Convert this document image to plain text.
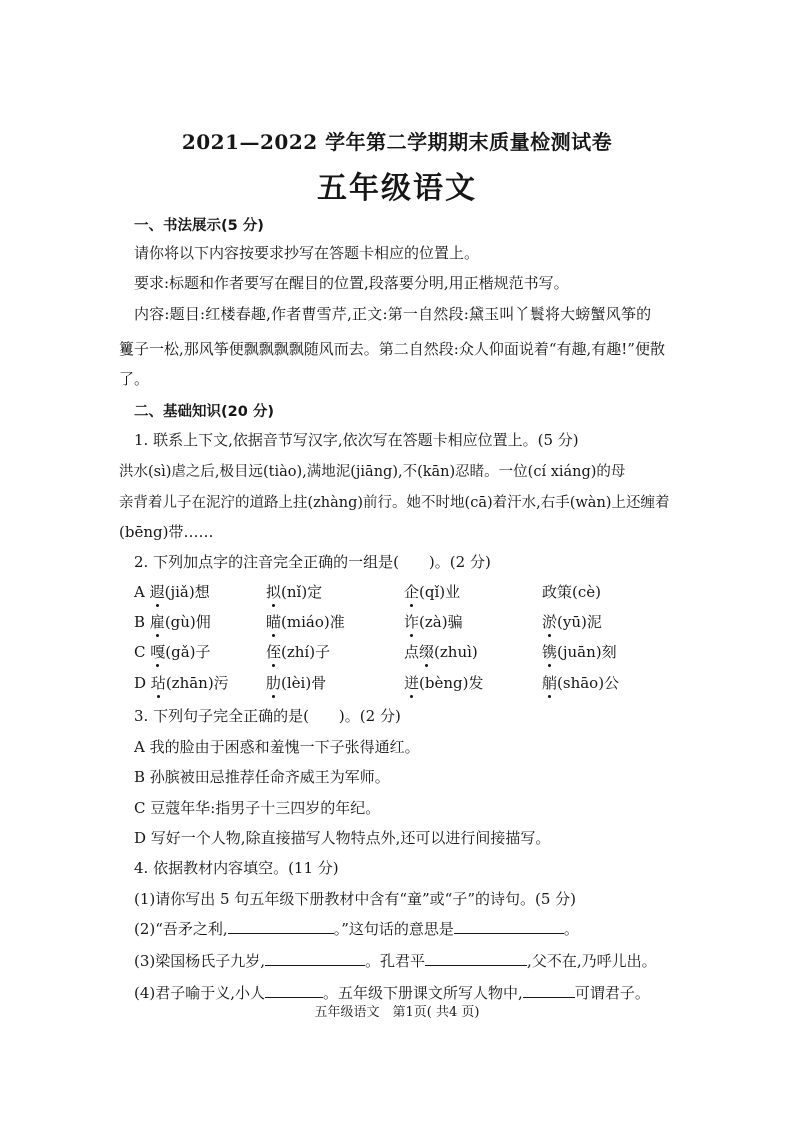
2021—2022 学年第二学期期末质量检测试卷
五年级语文
一、书法展示(5 分)
请你将以下内容按要求抄写在答题卡相应的位置上。
要求:标题和作者要写在醒目的位置,段落要分明,用正楷规范书写。
内容:题目:红楼春趣,作者曹雪芹,正文:第一自然段:黛玉叫丫鬟将大螃蟹风筝的
籰子一松,那风筝便飘飘飘飘随风而去。第二自然段:众人仰面说着“有趣,有趣!”便散
了。
二、基础知识(20 分)
1. 联系上下文,依据音节写汉字,依次写在答题卡相应位置上。(5 分)
洪水(sì)虐之后,极目远(tiào),满地泥(jiāng),不(kān)忍睹。一位(cí xiáng)的母
亲背着儿子在泥泞的道路上拄(zhàng)前行。她不时地(cā)着汗水,右手(wàn)上还缠着
(bēng)带……
2. 下列加点字的注音完全正确的一组是(　　)。(2 分)
A 遐(jiǎ)想	拟(nǐ)定	企(qǐ)业	政策(cè)
B 雇(gù)佣	瞄(miáo)准	诈(zà)骗	淤(yū)泥
C 嘎(gǎ)子	侄(zhí)子	点缀(zhuì)	镌(juān)刻
D 玷(zhān)污 肋(lèi)骨	迸(bèng)发	艄(shāo)公
3. 下列句子完全正确的是(　　)。(2 分)
A 我的脸由于困惑和羞愧一下子张得通红。
B 孙膑被田忌推荐任命齐威王为军师。
C 豆蔻年华:指男子十三四岁的年纪。
D 写好一个人物,除直接描写人物特点外,还可以进行间接描写。
4. 依据教材内容填空。(11 分)
(1)请你写出 5 句五年级下册教材中含有“童”或“子”的诗句。(5 分)
(2)“吾矛之利,	。”这句话的意思是	。
(3)梁国杨氏子九岁,	。孔君平	,父不在,乃呼儿出。
(4)君子喻于义,小人	。五年级下册课文所写人物中,	可谓君子。
五年级语文　第1页( 共4 页)
